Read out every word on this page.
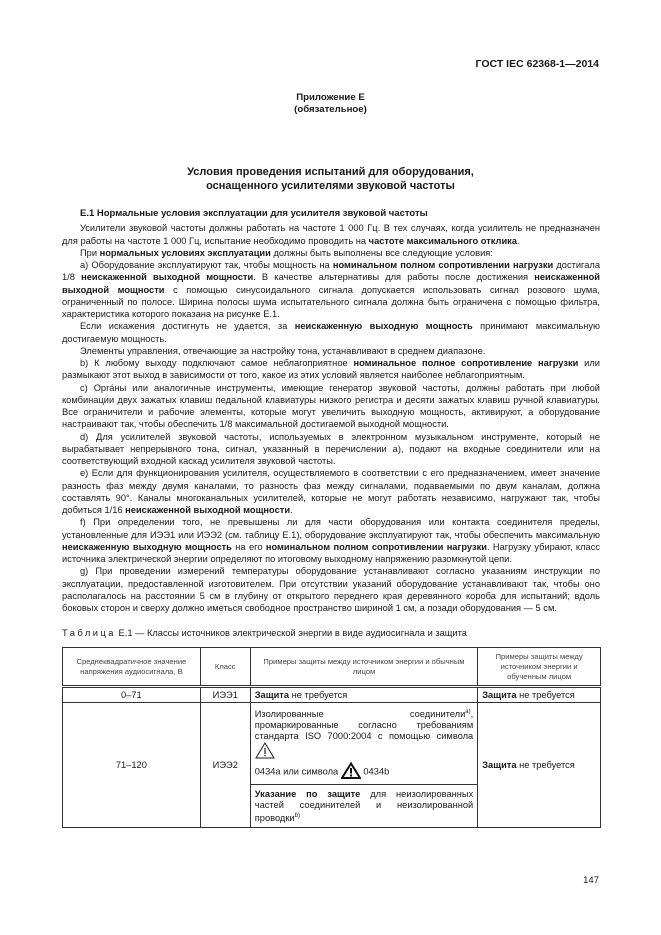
ГОСТ IEC 62368-1—2014
Приложение Е
(обязательное)
Условия проведения испытаний для оборудования,
оснащенного усилителями звуковой частоты
Е.1 Нормальные условия эксплуатации для усилителя звуковой частоты

Усилители звуковой частоты должны работать на частоте 1 000 Гц. В тех случаях, когда усилитель не предназначен для работы на частоте 1 000 Гц, испытание необходимо проводить на частоте максимального отклика.

При нормальных условиях эксплуатации должны быть выполнены все следующие условия:

а) Оборудование эксплуатируют так, чтобы мощность на номинальном полном сопротивлении нагрузки достигала 1/8 неискаженной выходной мощности. В качестве альтернативы для работы после достижения неискаженной выходной мощности с помощью синусоидального сигнала допускается использовать сигнал розового шума, ограниченный по полосе. Ширина полосы шума испытательного сигнала должна быть ограничена с помощью фильтра, характеристика которого показана на рисунке Е.1.

Если искажения достигнуть не удается, за неискаженную выходную мощность принимают максимальную достигаемую мощность.

Элементы управления, отвечающие за настройку тона, устанавливают в среднем диапазоне.

b) К любому выходу подключают самое неблагоприятное номинальное полное сопротивление нагрузки или размыкают этот выход в зависимости от того, какое из этих условий является наиболее неблагоприятным.

с) Орга́ны или аналогичные инструменты, имеющие генератор звуковой частоты, должны работать при любой комбинации двух зажатых клавиш педальной клавиатуры низкого регистра и десяти зажатых клавиш ручной клавиатуры. Все ограничители и рабочие элементы, которые могут увеличить выходную мощность, активируют, а оборудование настраивают так, чтобы обеспечить 1/8 максимальной достигаемой выходной мощности.

d) Для усилителей звуковой частоты, используемых в электронном музыкальном инструменте, который не вырабатывает непрерывного тона, сигнал, указанный в перечислении а), подают на входные соединители или на соответствующий входной каскад усилителя звуковой частоты.

е) Если для функционирования усилителя, осуществляемого в соответствии с его предназначением, имеет значение разность фаз между двумя каналами, то разность фаз между сигналами, подаваемыми по двум каналам, должна составлять 90°. Каналы многоканальных усилителей, которые не могут работать независимо, нагружают так, чтобы добиться 1/16 неискаженной выходной мощности.

f) При определении того, не превышены ли для части оборудования или контакта соединителя пределы, установленные для ИЭЭ1 или ИЭЭ2 (см. таблицу Е.1), оборудование эксплуатируют так, чтобы обеспечить максимальную неискаженную выходную мощность на его номинальном полном сопротивлении нагрузки. Нагрузку убирают, класс источника электрической энергии определяют по итоговому выходному напряжению разомкнутой цепи.

g) При проведении измерений температуры оборудование устанавливают согласно указаниям инструкции по эксплуатации, предоставленной изготовителем. При отсутствии указаний оборудование устанавливают так, чтобы оно располагалось на расстоянии 5 см в глубину от открытого переднего края деревянного короба для испытаний; вдоль боковых сторон и сверху должно иметься свободное пространство шириной 1 см, а позади оборудования — 5 см.

Таблица Е.1 — Классы источников электрической энергии в виде аудиосигнала и защита
Среднеквадратичное значение напряжения аудиосигнала, В	Класс	Примеры защиты между источником энергии и обычным лицом	Примеры защиты между источником энергии и обученным лицом
0–71	ИЭЭ1	Защита не требуется	Защита не требуется
71–120	ИЭЭ2	Изолированные соединители$^{a)}$, промаркированные согласно требованиям стандарта ISO 7000:2004 с помощью символа
0434a или символа 0434b	Защита не требуется
		Указание по защите для неизолированных частей соединителей и неизолированной проводки$^{b)}$
147
